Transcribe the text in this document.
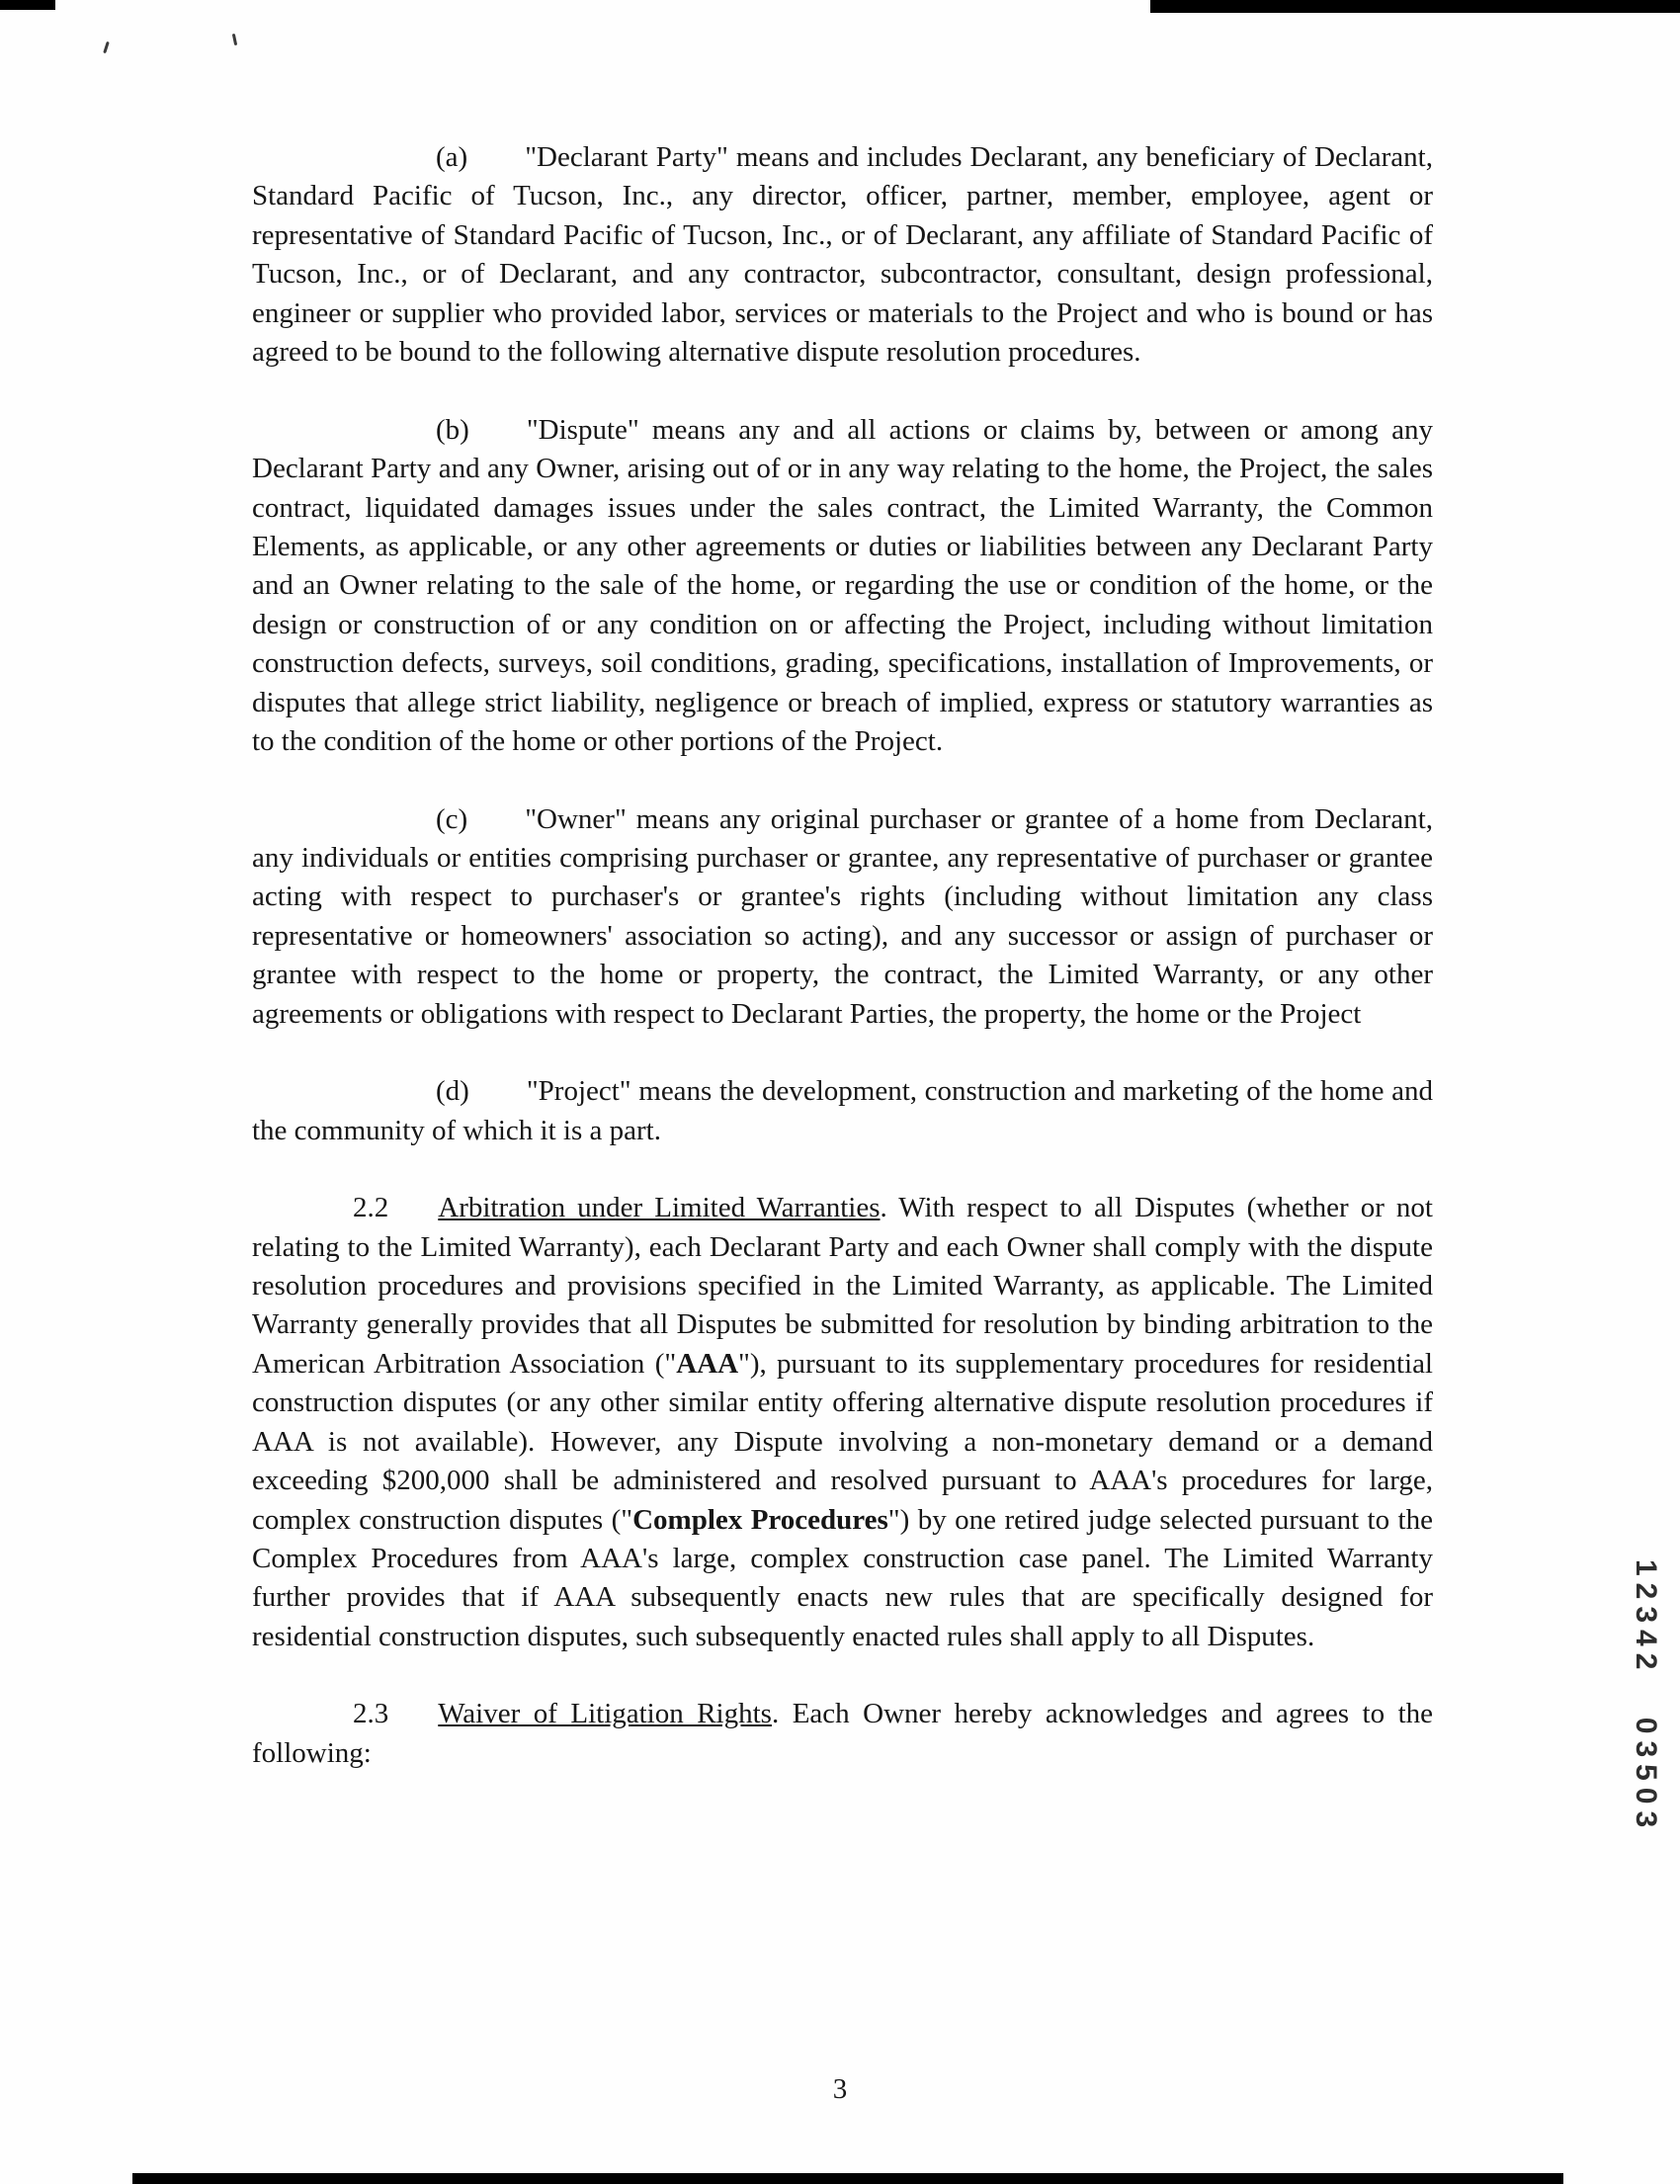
(a) "Declarant Party" means and includes Declarant, any beneficiary of Declarant, Standard Pacific of Tucson, Inc., any director, officer, partner, member, employee, agent or representative of Standard Pacific of Tucson, Inc., or of Declarant, any affiliate of Standard Pacific of Tucson, Inc., or of Declarant, and any contractor, subcontractor, consultant, design professional, engineer or supplier who provided labor, services or materials to the Project and who is bound or has agreed to be bound to the following alternative dispute resolution procedures.

(b) "Dispute" means any and all actions or claims by, between or among any Declarant Party and any Owner, arising out of or in any way relating to the home, the Project, the sales contract, liquidated damages issues under the sales contract, the Limited Warranty, the Common Elements, as applicable, or any other agreements or duties or liabilities between any Declarant Party and an Owner relating to the sale of the home, or regarding the use or condition of the home, or the design or construction of or any condition on or affecting the Project, including without limitation construction defects, surveys, soil conditions, grading, specifications, installation of Improvements, or disputes that allege strict liability, negligence or breach of implied, express or statutory warranties as to the condition of the home or other portions of the Project.

(c) "Owner" means any original purchaser or grantee of a home from Declarant, any individuals or entities comprising purchaser or grantee, any representative of purchaser or grantee acting with respect to purchaser's or grantee's rights (including without limitation any class representative or homeowners' association so acting), and any successor or assign of purchaser or grantee with respect to the home or property, the contract, the Limited Warranty, or any other agreements or obligations with respect to Declarant Parties, the property, the home or the Project

(d) "Project" means the development, construction and marketing of the home and the community of which it is a part.

2.2 Arbitration under Limited Warranties. With respect to all Disputes (whether or not relating to the Limited Warranty), each Declarant Party and each Owner shall comply with the dispute resolution procedures and provisions specified in the Limited Warranty, as applicable. The Limited Warranty generally provides that all Disputes be submitted for resolution by binding arbitration to the American Arbitration Association ("AAA"), pursuant to its supplementary procedures for residential construction disputes (or any other similar entity offering alternative dispute resolution procedures if AAA is not available). However, any Dispute involving a non-monetary demand or a demand exceeding $200,000 shall be administered and resolved pursuant to AAA's procedures for large, complex construction disputes ("Complex Procedures") by one retired judge selected pursuant to the Complex Procedures from AAA's large, complex construction case panel. The Limited Warranty further provides that if AAA subsequently enacts new rules that are specifically designed for residential construction disputes, such subsequently enacted rules shall apply to all Disputes.

2.3 Waiver of Litigation Rights. Each Owner hereby acknowledges and agrees to the following:

3
12342 03503
